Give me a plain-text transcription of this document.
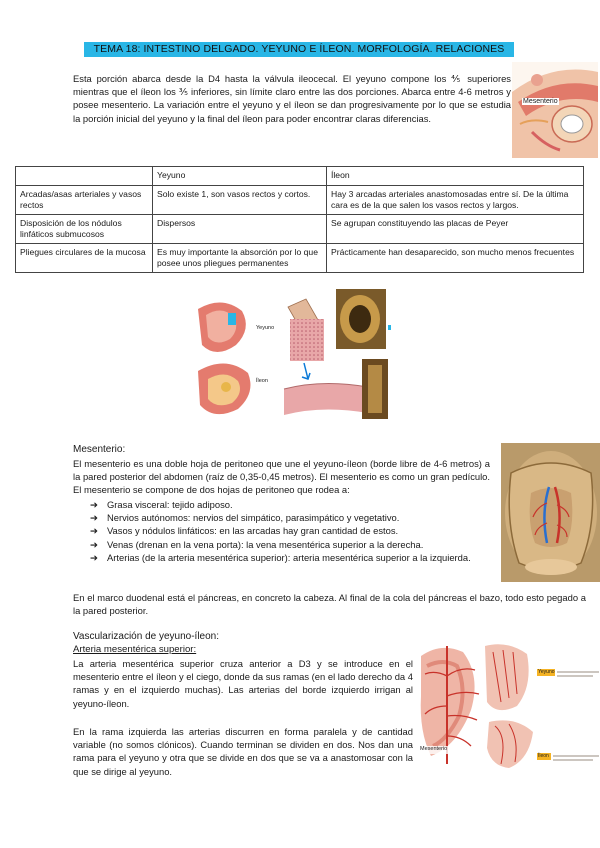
TEMA 18: INTESTINO DELGADO. YEYUNO E ÍLEON. MORFOLOGÍA. RELACIONES
Esta porción abarca desde la D4 hasta la válvula ileocecal. El yeyuno compone los ⅘ superiores mientras que el íleon los ⅗ inferiores, sin límite claro entre las dos porciones. Abarca entre 4-6 metros y posee mesenterio. La variación entre el yeyuno y el íleon se dan progresivamente por lo que se estudia la porción inicial del yeyuno y la final del íleon para poder encontrar claras diferencias.
Mesenterio
	Yeyuno	Íleon
Arcadas/asas arteriales y vasos rectos	Solo existe 1, son vasos rectos y cortos.	Hay 3 arcadas arteriales anastomosadas entre sí. De la última cara es de la que salen los vasos rectos y largos.
Disposición de los nódulos linfáticos submucosos	Dispersos	Se agrupan constituyendo las placas de Peyer
Pliegues circulares de la mucosa	Es muy importante la absorción por lo que posee unos pliegues permanentes	Prácticamente han desaparecido, son mucho menos frecuentes
Yeyuno
Íleon
Mesenterio:
El mesenterio es una doble hoja de peritoneo que une el yeyuno-íleon (borde libre de 4-6 metros) a la pared posterior del abdomen (raíz de 0,35-0,45 metros). El mesenterio es como un gran pedículo. El mesenterio se compone de dos hojas de peritoneo que rodea a:
➔ Grasa visceral: tejido adiposo.
➔ Nervios autónomos: nervios del simpático, parasimpático y vegetativo.
➔ Vasos y nódulos linfáticos: en las arcadas hay gran cantidad de estos.
➔ Venas (drenan en la vena porta): la vena mesentérica superior a la derecha.
➔ Arterias (de la arteria mesentérica superior): arteria mesentérica superior a la izquierda.
En el marco duodenal está el páncreas, en concreto la cabeza. Al final de la cola del páncreas el bazo, todo esto pegado a la pared posterior.
Vascularización de yeyuno-íleon:
Arteria mesentérica superior:
La arteria mesentérica superior cruza anterior a D3 y se introduce en el mesenterio entre el íleon y el ciego, donde da sus ramas (en el lado derecho da 4 ramas y en el izquierdo muchas). Las arterias del borde izquierdo irrigan al yeyuno-íleon.
En la rama izquierda las arterias discurren en forma paralela y de cantidad variable (no somos clónicos). Cuando terminan se dividen en dos. Nos dan una rama para el yeyuno y otra que se divide en dos que se va a anastomosar con la que se dirige al yeyuno.
Mesenterio
Yeyuno
Íleon
